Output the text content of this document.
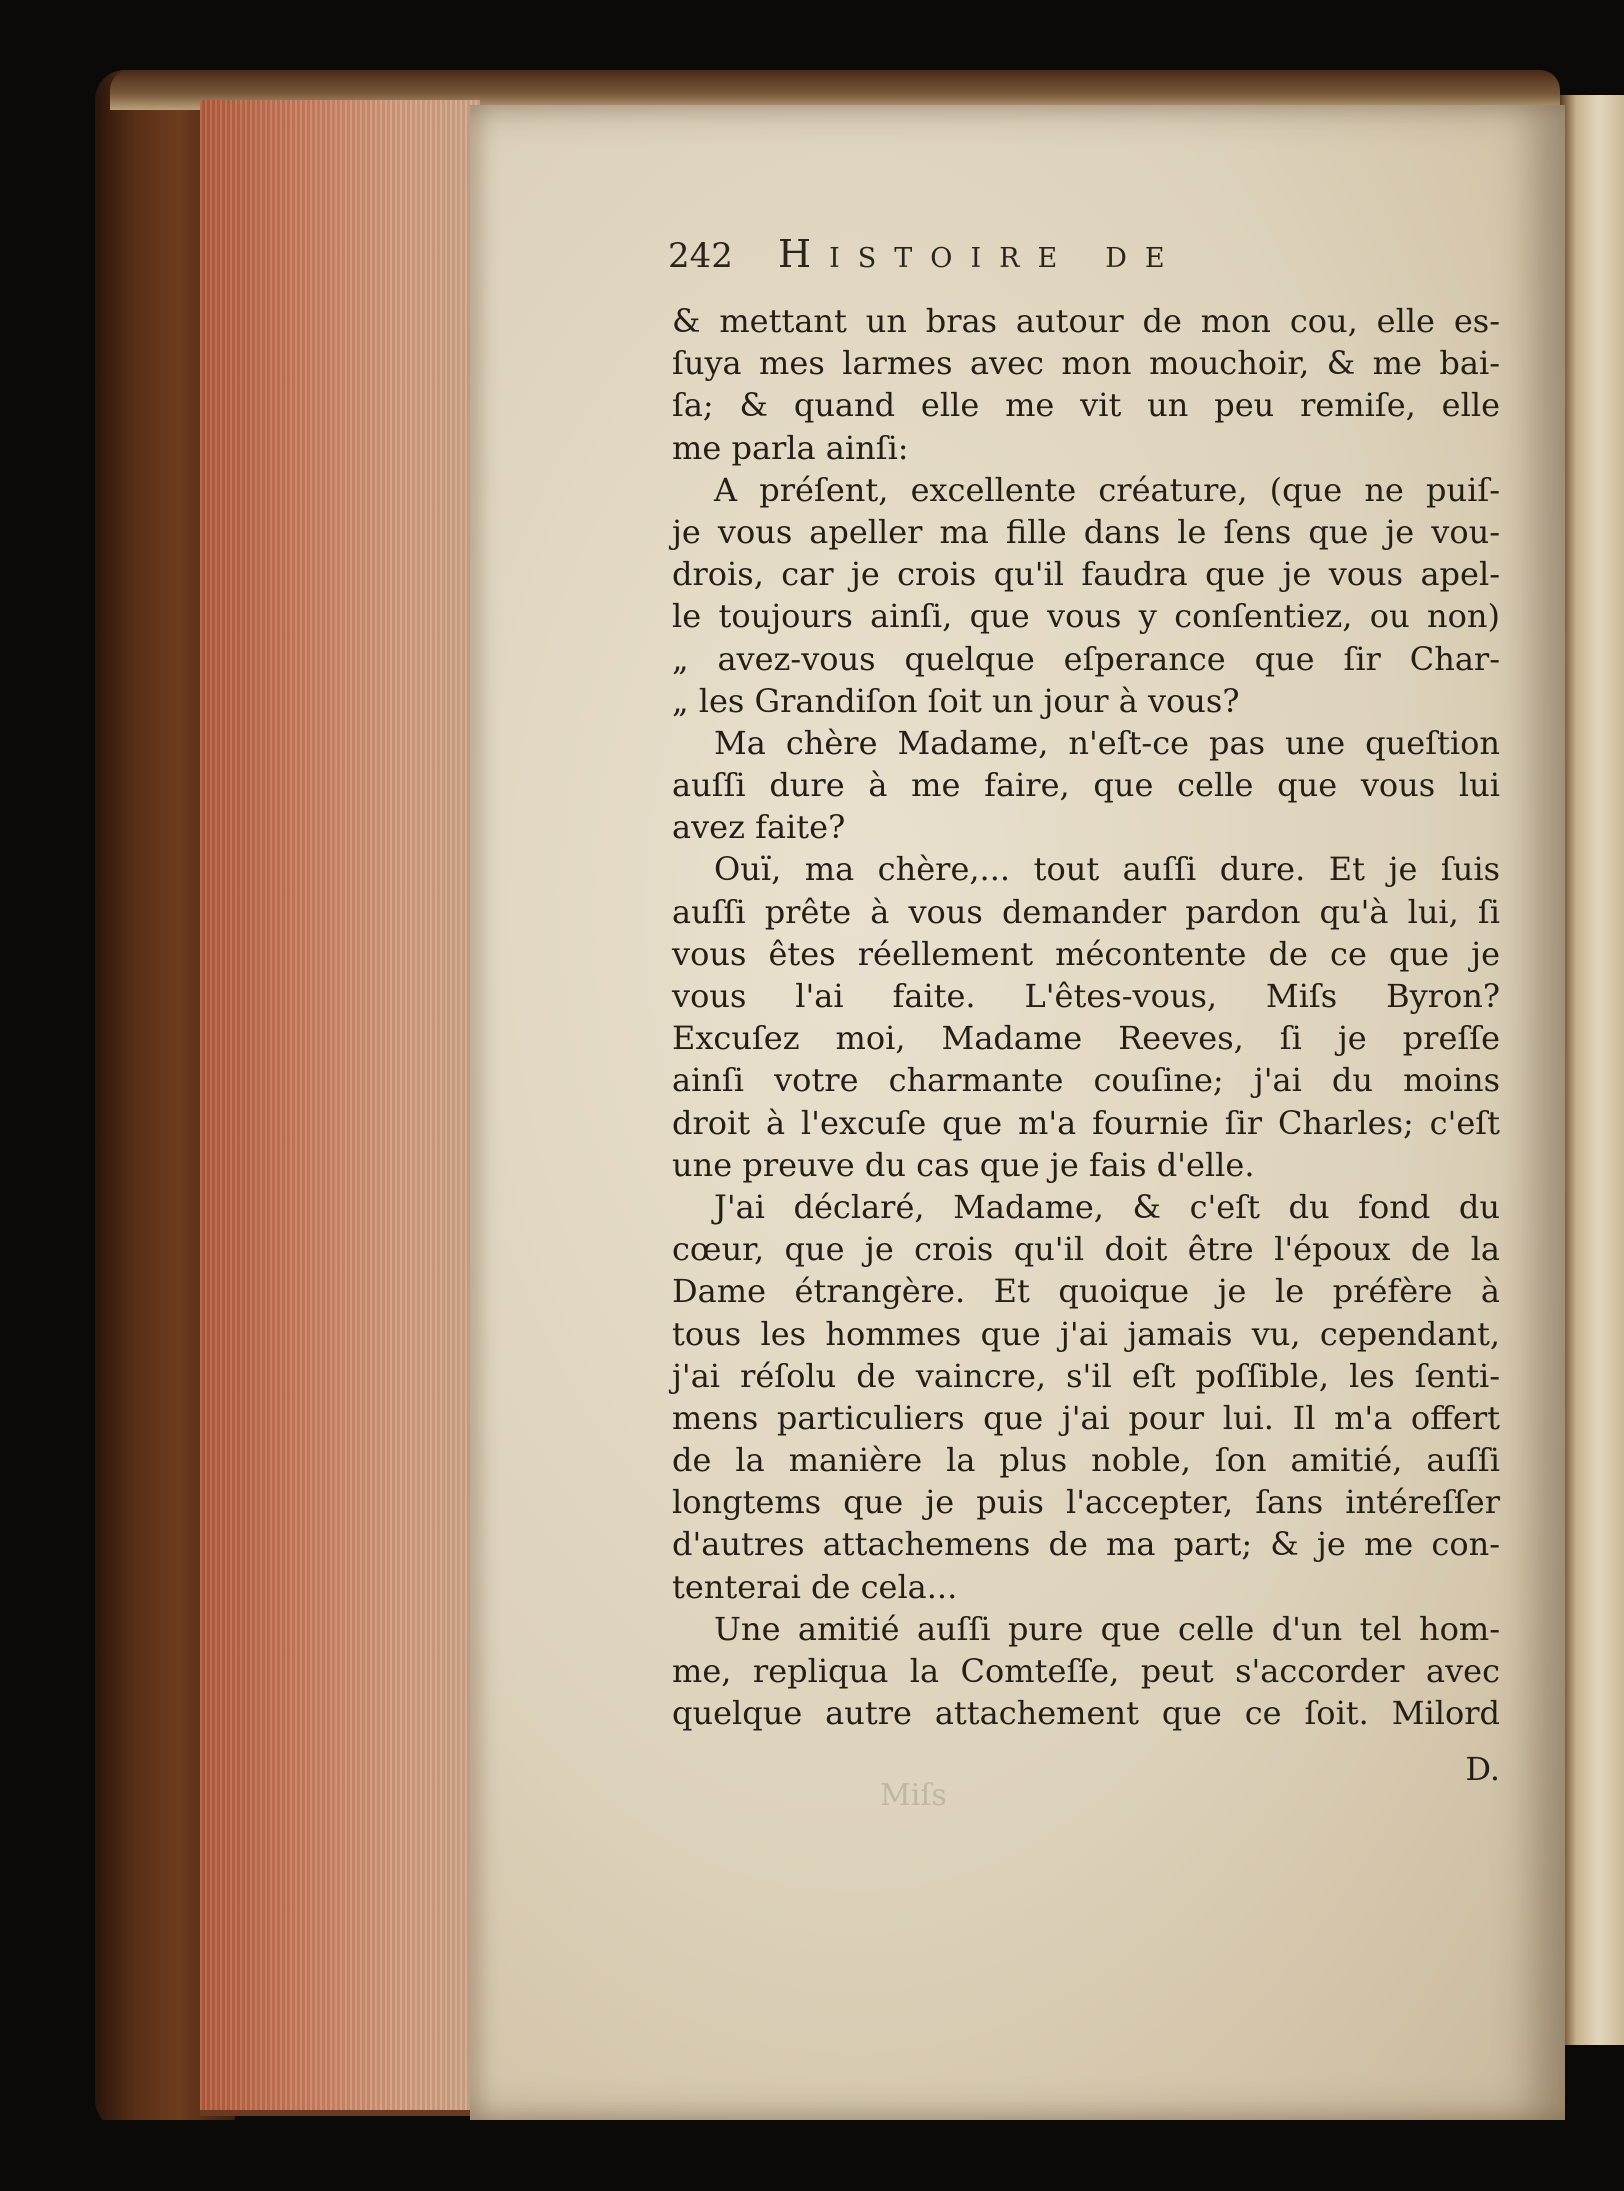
242	Histoire de
& mettant un bras autour de mon cou, elle es-
ſuya mes larmes avec mon mouchoir, & me bai-
ſa; & quand elle me vit un peu remiſe, elle
me parla ainſi:
A préſent, excellente créature, (que ne puiſ-
je vous apeller ma fille dans le ſens que je vou-
drois, car je crois qu'il faudra que je vous apel-
le toujours ainſi, que vous y conſentiez, ou non)
„ avez-vous quelque eſperance que ſir Char-
„ les Grandiſon ſoit un jour à vous?
Ma chère Madame, n'eſt-ce pas une queſtion
auſſi dure à me faire, que celle que vous lui
avez faite?
Ouï, ma chère,... tout auſſi dure. Et je ſuis
auſſi prête à vous demander pardon qu'à lui, ſi
vous êtes réellement mécontente de ce que je
vous l'ai faite. L'êtes-vous, Miſs Byron?
Excuſez moi, Madame Reeves, ſi je preſſe
ainſi votre charmante couſine; j'ai du moins
droit à l'excuſe que m'a fournie ſir Charles; c'eſt
une preuve du cas que je fais d'elle.
J'ai déclaré, Madame, & c'eſt du fond du
cœur, que je crois qu'il doit être l'époux de la
Dame étrangère. Et quoique je le préfère à
tous les hommes que j'ai jamais vu, cependant,
j'ai réſolu de vaincre, s'il eſt poſſible, les ſenti-
mens particuliers que j'ai pour lui. Il m'a offert
de la manière la plus noble, ſon amitié, auſſi
longtems que je puis l'accepter, ſans intéreſſer
d'autres attachemens de ma part; & je me con-
tenterai de cela...
Une amitié auſſi pure que celle d'un tel hom-
me, repliqua la Comteſſe, peut s'accorder avec
quelque autre attachement que ce ſoit. Milord
D.
Miſs
